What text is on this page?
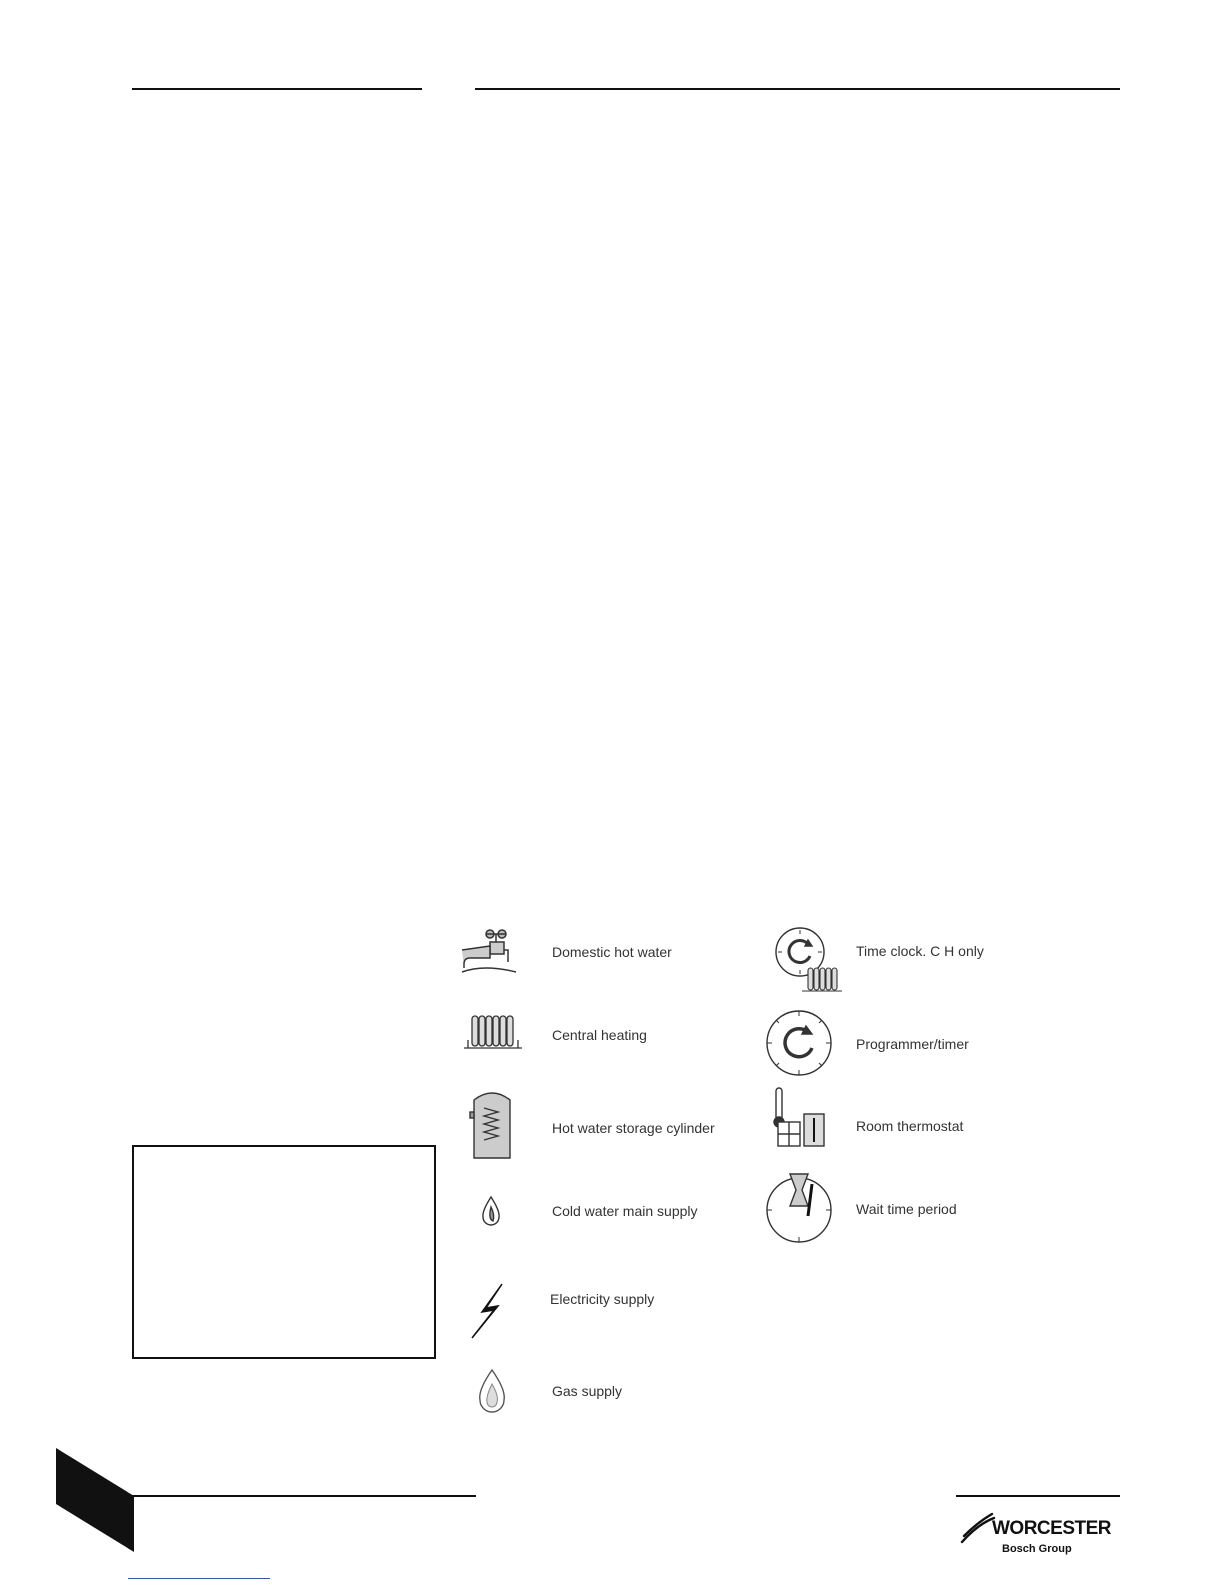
Domestic hot water
Central heating
Hot water storage cylinder
Cold water main supply
Electricity supply
Gas supply
Time clock. C H only
Programmer/timer
Room thermostat
Wait time period
WORCESTER
Bosch Group
